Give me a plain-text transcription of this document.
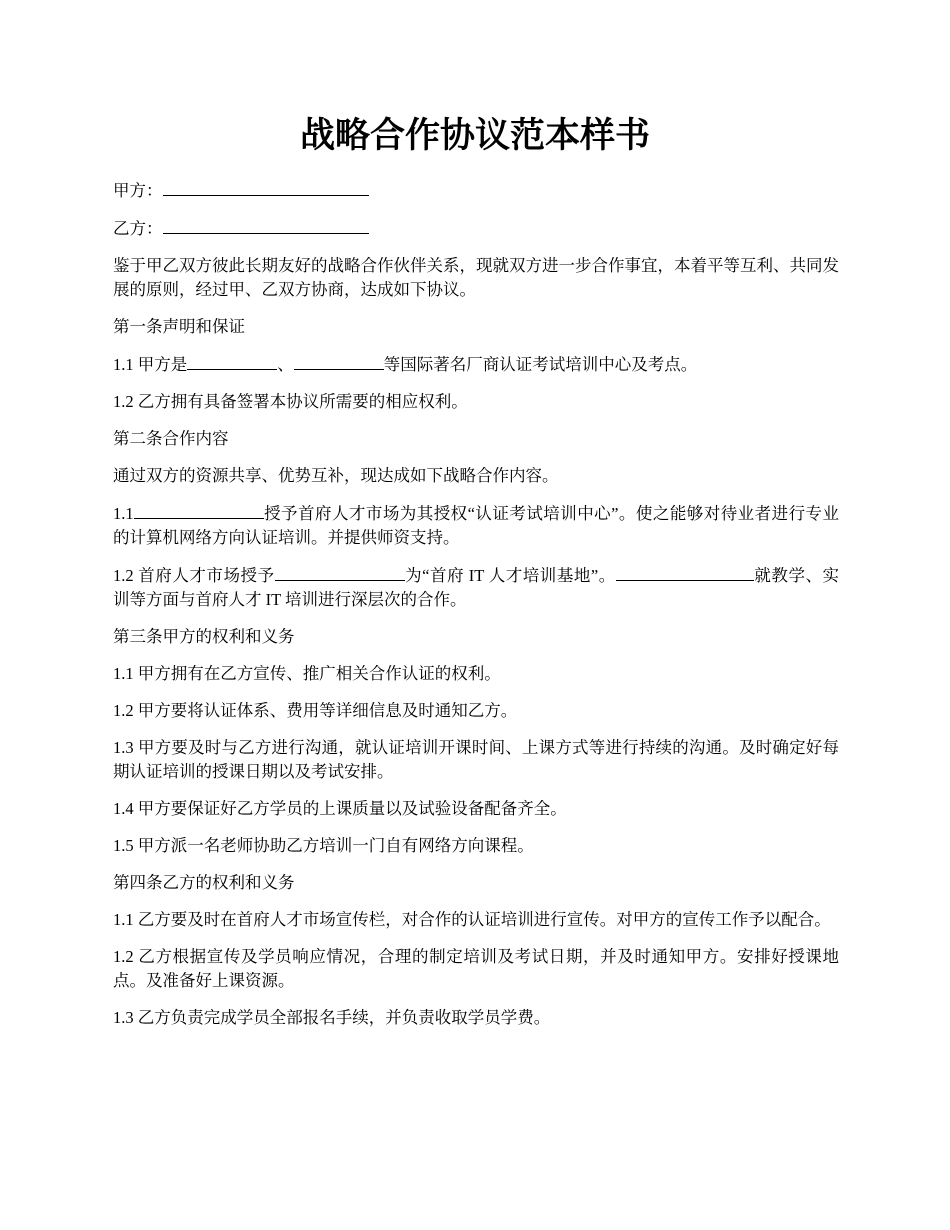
战略合作协议范本样书

甲方：

乙方：

鉴于甲乙双方彼此长期友好的战略合作伙伴关系，现就双方进一步合作事宜，本着平等互利、共同发展的原则，经过甲、乙双方协商，达成如下协议。

第一条声明和保证

1.1 甲方是	、	等国际著名厂商认证考试培训中心及考点。

1.2 乙方拥有具备签署本协议所需要的相应权利。

第二条合作内容

通过双方的资源共享、优势互补，现达成如下战略合作内容。

1.1	授予首府人才市场为其授权“认证考试培训中心”。使之能够对待业者进行专业的计算机网络方向认证培训。并提供师资支持。

1.2 首府人才市场授予	为“首府 IT 人才培训基地”。	就教学、实训等方面与首府人才 IT 培训进行深层次的合作。

第三条甲方的权利和义务

1.1 甲方拥有在乙方宣传、推广相关合作认证的权利。

1.2 甲方要将认证体系、费用等详细信息及时通知乙方。

1.3 甲方要及时与乙方进行沟通，就认证培训开课时间、上课方式等进行持续的沟通。及时确定好每期认证培训的授课日期以及考试安排。

1.4 甲方要保证好乙方学员的上课质量以及试验设备配备齐全。

1.5 甲方派一名老师协助乙方培训一门自有网络方向课程。

第四条乙方的权利和义务

1.1 乙方要及时在首府人才市场宣传栏，对合作的认证培训进行宣传。对甲方的宣传工作予以配合。

1.2 乙方根据宣传及学员响应情况，合理的制定培训及考试日期，并及时通知甲方。安排好授课地点。及准备好上课资源。

1.3 乙方负责完成学员全部报名手续，并负责收取学员学费。
